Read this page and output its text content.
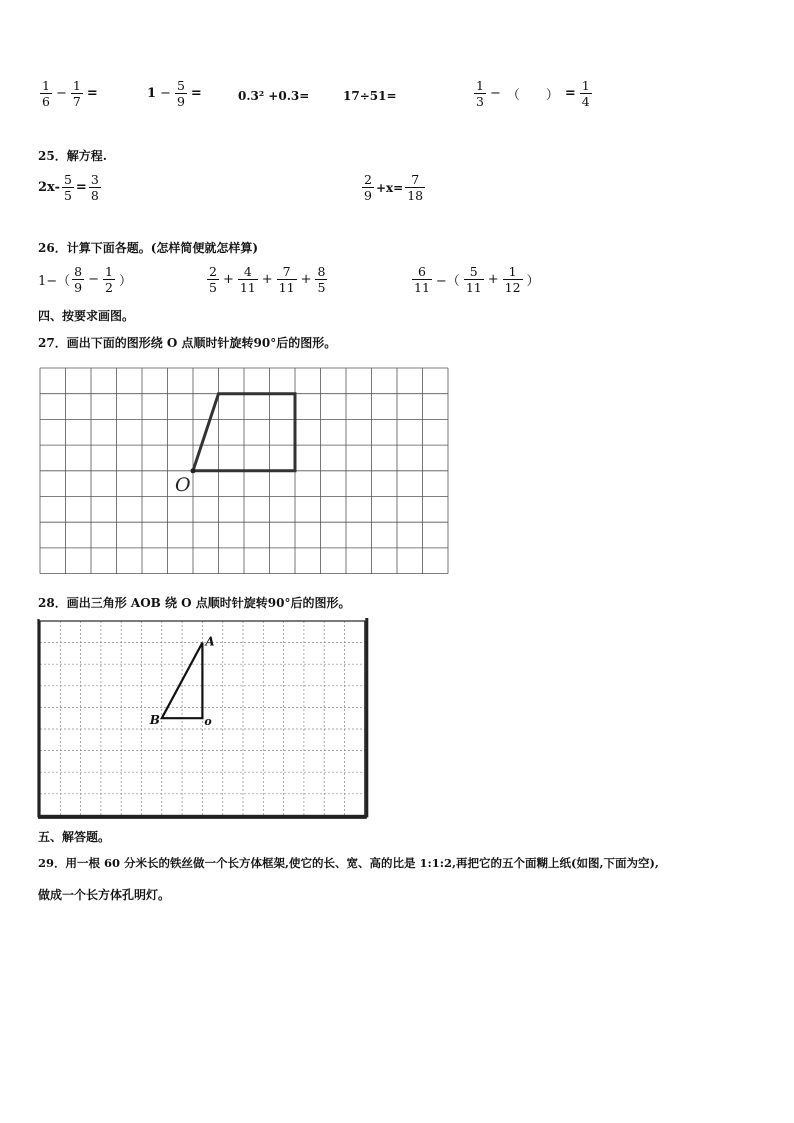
$\frac{1}{6} - \frac{1}{7}$ =	$1 - \frac{5}{9}$ =	0.3² +0.3=	17÷51=	$\frac{1}{3}$ − （　　） = $\frac{1}{4}$
25．解方程.
$2x- \frac{5}{5} = \frac{3}{8}$	$\frac{2}{9} +x= \frac{7}{18}$
26．计算下面各题。(怎样简便就怎样算)
$1-( \frac{8}{9} - \frac{1}{2}$ ）	$\frac{2}{5} + \frac{4}{11} + \frac{7}{11} + \frac{8}{5}$	$\frac{6}{11}$ −（ $\frac{5}{11} + \frac{1}{12}$ ）
四、按要求画图。
27．画出下面的图形绕 O 点顺时针旋转90°后的图形。
O
A
B	o
28．画出三角形 AOB 绕 O 点顺时针旋转90°后的图形。
五、解答题。
29．用一根 60 分米长的铁丝做一个长方体框架,使它的长、宽、高的比是 1:1:2,再把它的五个面糊上纸(如图,下面为空),
做成一个长方体孔明灯。
